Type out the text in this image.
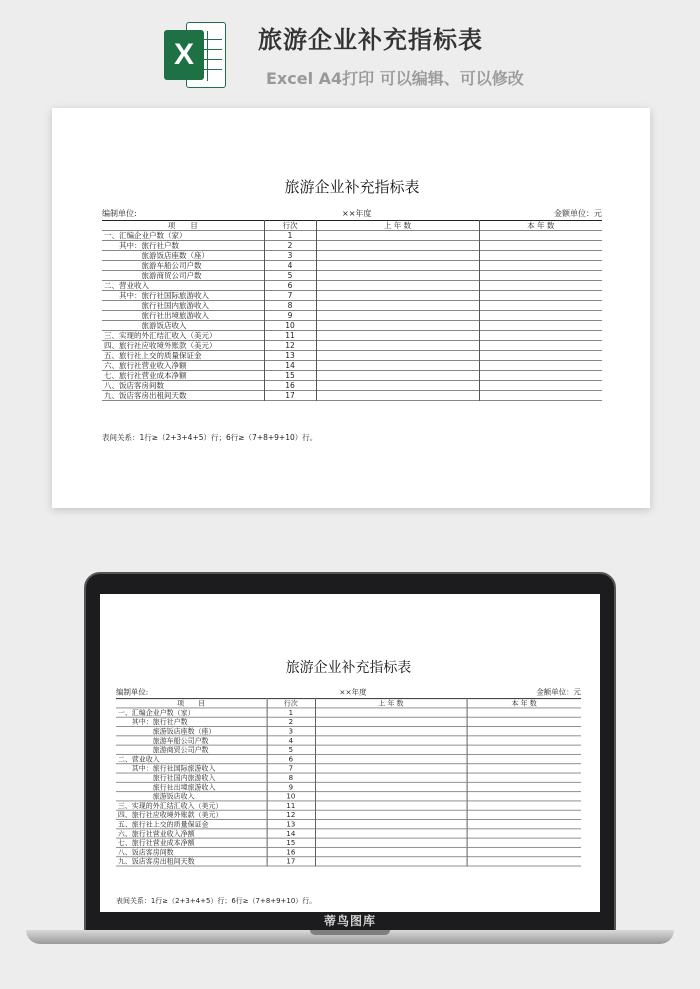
X	旅游企业补充指标表
Excel A4打印 可以编辑、可以修改
旅游企业补充指标表
编制单位:	××年度	金额单位：元
项　　目	行次	上 年 数	本 年 数
一、汇编企业户数（家）	1		
　　其中：旅行社户数	2		
　　　　　旅游饭店座数（座）	3		
　　　　　旅游车船公司户数	4		
　　　　　旅游商贸公司户数	5		
二、营业收入	6		
　　其中：旅行社国际旅游收入	7		
　　　　　旅行社国内旅游收入	8		
　　　　　旅行社出境旅游收入	9		
　　　　　旅游饭店收入	10		
三、实现的外汇结汇收入（美元）	11		
四、旅行社应收境外账款（美元）	12		
五、旅行社上交的质量保证金	13		
六、旅行社营业收入净额	14		
七、旅行社营业成本净额	15		
八、饭店客房间数	16		
九、饭店客房出租间天数	17		
表间关系：1行≥（2+3+4+5）行；6行≥（7+8+9+10）行。
旅游企业补充指标表
编制单位:	××年度	金额单位：元
项　　目	行次	上 年 数	本 年 数
一、汇编企业户数（家）	1		
　　其中：旅行社户数	2		
　　　　　旅游饭店座数（座）	3		
　　　　　旅游车船公司户数	4		
　　　　　旅游商贸公司户数	5		
二、营业收入	6		
　　其中：旅行社国际旅游收入	7		
　　　　　旅行社国内旅游收入	8		
　　　　　旅行社出境旅游收入	9		
　　　　　旅游饭店收入	10		
三、实现的外汇结汇收入（美元）	11		
四、旅行社应收境外账款（美元）	12		
五、旅行社上交的质量保证金	13		
六、旅行社营业收入净额	14		
七、旅行社营业成本净额	15		
八、饭店客房间数	16		
九、饭店客房出租间天数	17		
表间关系：1行≥（2+3+4+5）行；6行≥（7+8+9+10）行。
蒂鸟图库
